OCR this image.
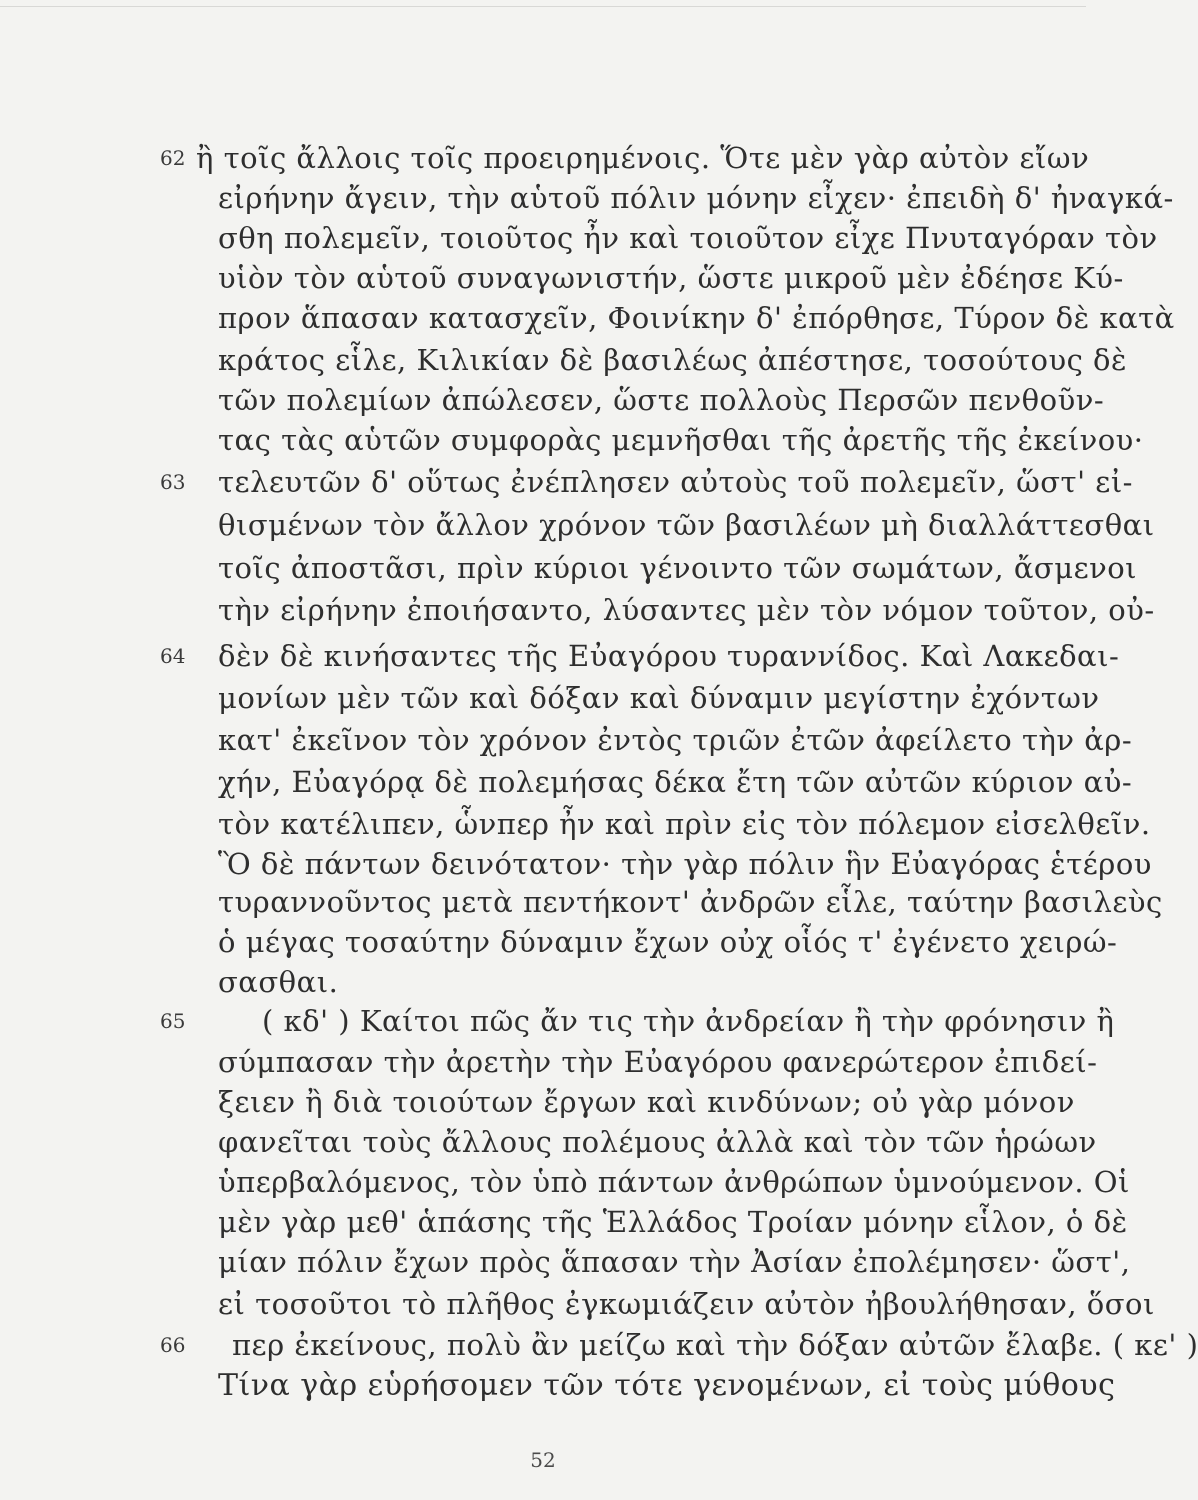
62
63
64
65
66
ἢ τοῖς ἄλλοις τοῖς προειρημένοις. Ὅτε μὲν γὰρ αὐτὸν εἴων
εἰρήνην ἄγειν, τὴν αὑτοῦ πόλιν μόνην εἶχεν· ἐπειδὴ δ' ἠναγκά-
σθη πολεμεῖν, τοιοῦτος ἦν καὶ τοιοῦτον εἶχε Πνυταγόραν τὸν
υἱὸν τὸν αὑτοῦ συναγωνιστήν, ὥστε μικροῦ μὲν ἐδέησε Κύ-
προν ἅπασαν κατασχεῖν, Φοινίκην δ' ἐπόρθησε, Τύρον δὲ κατὰ
κράτος εἷλε, Κιλικίαν δὲ βασιλέως ἀπέστησε, τοσούτους δὲ
τῶν πολεμίων ἀπώλεσεν, ὥστε πολλοὺς Περσῶν πενθοῦν-
τας τὰς αὑτῶν συμφορὰς μεμνῆσθαι τῆς ἀρετῆς τῆς ἐκείνου·
τελευτῶν δ' οὕτως ἐνέπλησεν αὐτοὺς τοῦ πολεμεῖν, ὥστ' εἰ-
θισμένων τὸν ἄλλον χρόνον τῶν βασιλέων μὴ διαλλάττεσθαι
τοῖς ἀποστᾶσι, πρὶν κύριοι γένοιντο τῶν σωμάτων, ἄσμενοι
τὴν εἰρήνην ἐποιήσαντο, λύσαντες μὲν τὸν νόμον τοῦτον, οὐ-
δὲν δὲ κινήσαντες τῆς Εὐαγόρου τυραννίδος. Καὶ Λακεδαι-
μονίων μὲν τῶν καὶ δόξαν καὶ δύναμιν μεγίστην ἐχόντων
κατ' ἐκεῖνον τὸν χρόνον ἐντὸς τριῶν ἐτῶν ἀφείλετο τὴν ἀρ-
χήν, Εὐαγόρᾳ δὲ πολεμήσας δέκα ἔτη τῶν αὐτῶν κύριον αὐ-
τὸν κατέλιπεν, ὧνπερ ἦν καὶ πρὶν εἰς τὸν πόλεμον εἰσελθεῖν.
Ὃ δὲ πάντων δεινότατον· τὴν γὰρ πόλιν ἣν Εὐαγόρας ἑτέρου
τυραννοῦντος μετὰ πεντήκοντ' ἀνδρῶν εἷλε, ταύτην βασιλεὺς
ὁ μέγας τοσαύτην δύναμιν ἔχων οὐχ οἷός τ' ἐγένετο χειρώ-
σασθαι.
( κδ' ) Καίτοι πῶς ἄν τις τὴν ἀνδρείαν ἢ τὴν φρόνησιν ἢ
σύμπασαν τὴν ἀρετὴν τὴν Εὐαγόρου φανερώτερον ἐπιδεί-
ξειεν ἢ διὰ τοιούτων ἔργων καὶ κινδύνων; οὐ γὰρ μόνον
φανεῖται τοὺς ἄλλους πολέμους ἀλλὰ καὶ τὸν τῶν ἡρώων
ὑπερβαλόμενος, τὸν ὑπὸ πάντων ἀνθρώπων ὑμνούμενον. Οἱ
μὲν γὰρ μεθ' ἁπάσης τῆς Ἑλλάδος Τροίαν μόνην εἷλον, ὁ δὲ
μίαν πόλιν ἔχων πρὸς ἅπασαν τὴν Ἀσίαν ἐπολέμησεν· ὥστ',
εἰ τοσοῦτοι τὸ πλῆθος ἐγκωμιάζειν αὐτὸν ἠβουλήθησαν, ὅσοι
περ ἐκείνους, πολὺ ἂν μείζω καὶ τὴν δόξαν αὐτῶν ἔλαβε. ( κε' )
Τίνα γὰρ εὑρήσομεν τῶν τότε γενομένων, εἰ τοὺς μύθους
52
